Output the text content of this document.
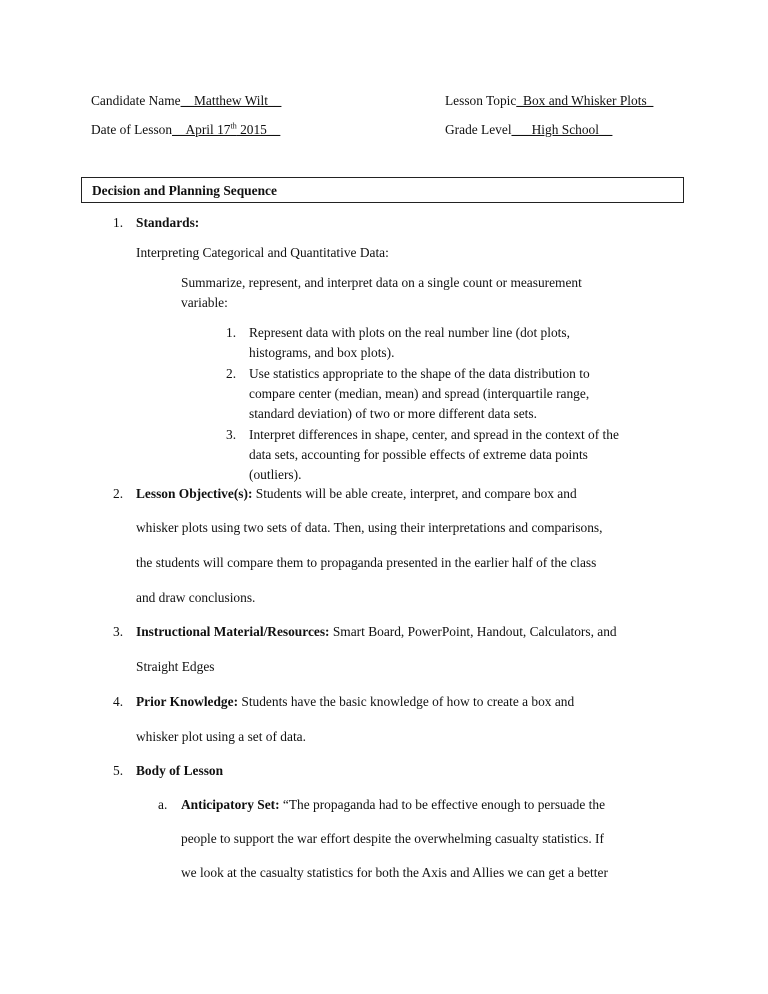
Candidate Name__Matthew Wilt__	Lesson Topic_Box and Whisker Plots_
Date of Lesson__April 17th 2015__	Grade Level___High School__
Decision and Planning Sequence
1. Standards:
Interpreting Categorical and Quantitative Data:
Summarize, represent, and interpret data on a single count or measurement
variable:
1. Represent data with plots on the real number line (dot plots,
histograms, and box plots).
2. Use statistics appropriate to the shape of the data distribution to
compare center (median, mean) and spread (interquartile range,
standard deviation) of two or more different data sets.
3. Interpret differences in shape, center, and spread in the context of the
data sets, accounting for possible effects of extreme data points
(outliers).
2. Lesson Objective(s): Students will be able create, interpret, and compare box and
whisker plots using two sets of data. Then, using their interpretations and comparisons,
the students will compare them to propaganda presented in the earlier half of the class
and draw conclusions.
3. Instructional Material/Resources: Smart Board, PowerPoint, Handout, Calculators, and
Straight Edges
4. Prior Knowledge: Students have the basic knowledge of how to create a box and
whisker plot using a set of data.
5. Body of Lesson
a. Anticipatory Set: “The propaganda had to be effective enough to persuade the
people to support the war effort despite the overwhelming casualty statistics. If
we look at the casualty statistics for both the Axis and Allies we can get a better
